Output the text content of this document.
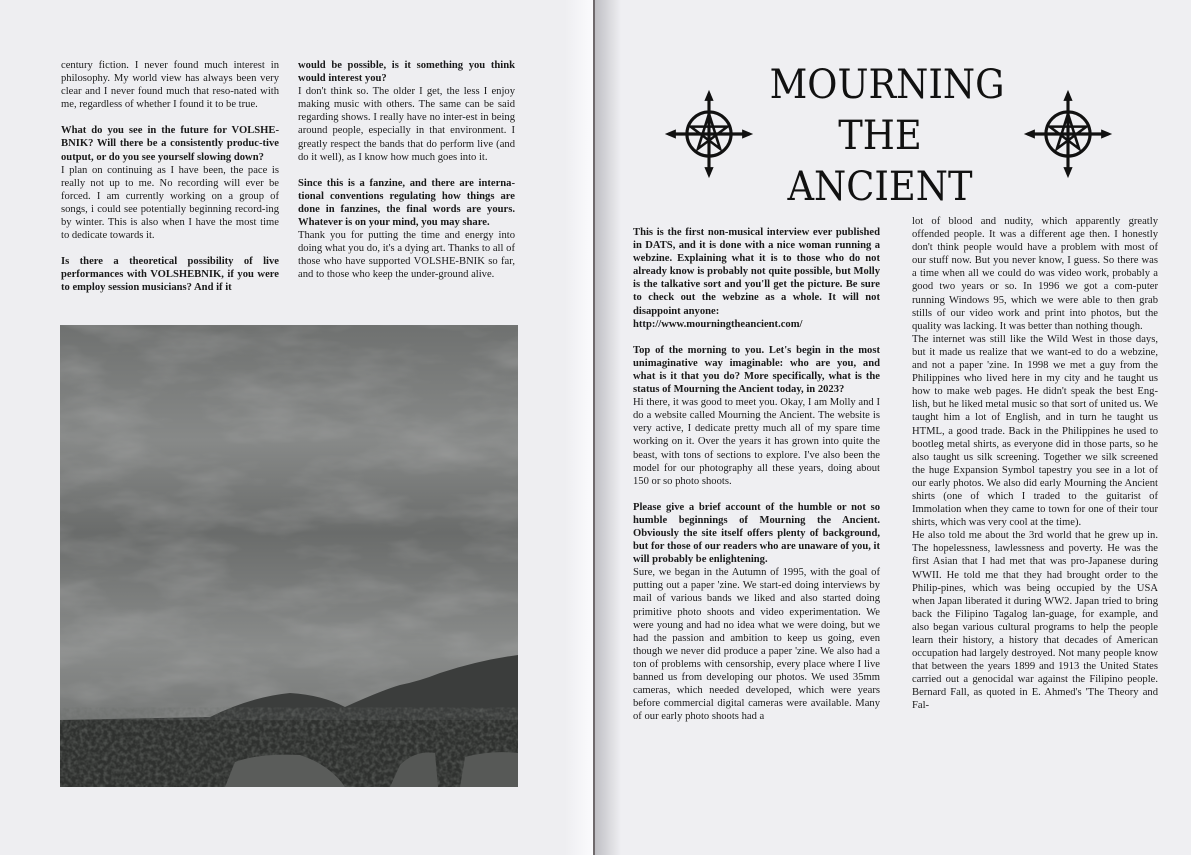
century fiction. I never found much interest in philosophy. My world view has always been very clear and I never found much that reso-nated with me, regardless of whether I found it to be true.

What do you see in the future for VOLSHE-BNIK? Will there be a consistently produc-tive output, or do you see yourself slowing down?

I plan on continuing as I have been, the pace is really not up to me. No recording will ever be forced. I am currently working on a group of songs, i could see potentially beginning record-ing by winter. This is also when I have the most time to dedicate towards it.

Is there a theoretical possibility of live performances with VOLSHEBNIK, if you were to employ session musicians? And if it

would be possible, is it something you think would interest you?

I don't think so. The older I get, the less I enjoy making music with others. The same can be said regarding shows. I really have no inter-est in being around people, especially in that environment. I greatly respect the bands that do perform live (and do it well), as I know how much goes into it.

Since this is a fanzine, and there are interna-tional conventions regulating how things are done in fanzines, the final words are yours. Whatever is on your mind, you may share.

Thank you for putting the time and energy into doing what you do, it's a dying art. Thanks to all of those who have supported VOLSHE-BNIK so far, and to those who keep the under-ground alive.

MOURNING
THE
ANCIENT

This is the first non-musical interview ever published in DATS, and it is done with a nice woman running a webzine. Explaining what it is to those who do not already know is probably not quite possible, but Molly is the talkative sort and you'll get the picture. Be sure to check out the webzine as a whole. It will not disappoint anyone:

http://www.mourningtheancient.com/

Top of the morning to you. Let's begin in the most unimaginative way imaginable: who are you, and what is it that you do? More specifically, what is the status of Mourning the Ancient today, in 2023?

Hi there, it was good to meet you. Okay, I am Molly and I do a website called Mourning the Ancient. The website is very active, I dedicate pretty much all of my spare time working on it. Over the years it has grown into quite the beast, with tons of sections to explore. I've also been the model for our photography all these years, doing about 150 or so photo shoots.

Please give a brief account of the humble or not so humble beginnings of Mourning the Ancient. Obviously the site itself offers plenty of background, but for those of our readers who are unaware of you, it will probably be enlightening.

Sure, we began in the Autumn of 1995, with the goal of putting out a paper 'zine. We start-ed doing interviews by mail of various bands we liked and also started doing primitive photo shoots and video experimentation. We were young and had no idea what we were doing, but we had the passion and ambition to keep us going, even though we never did produce a paper 'zine. We also had a ton of problems with censorship, every place where I live banned us from developing our photos. We used 35mm cameras, which needed developed, which were years before commercial digital cameras were available. Many of our early photo shoots had a

lot of blood and nudity, which apparently greatly offended people. It was a different age then. I honestly don't think people would have a problem with most of our stuff now. But you never know, I guess. So there was a time when all we could do was video work, probably a good two years or so. In 1996 we got a com-puter running Windows 95, which we were able to then grab stills of our video work and print into photos, but the quality was lacking. It was better than nothing though.

The internet was still like the Wild West in those days, but it made us realize that we want-ed to do a webzine, and not a paper 'zine. In 1998 we met a guy from the Philippines who lived here in my city and he taught us how to make web pages. He didn't speak the best Eng-lish, but he liked metal music so that sort of united us. We taught him a lot of English, and in turn he taught us HTML, a good trade. Back in the Philippines he used to bootleg metal shirts, as everyone did in those parts, so he also taught us silk screening. Together we silk screened the huge Expansion Symbol tapestry you see in a lot of our early photos. We also did early Mourning the Ancient shirts (one of which I traded to the guitarist of Immolation when they came to town for one of their tour shirts, which was very cool at the time).

He also told me about the 3rd world that he grew up in. The hopelessness, lawlessness and poverty. He was the first Asian that I had met that was pro-Japanese during WWII. He told me that they had brought order to the Philip-pines, which was being occupied by the USA when Japan liberated it during WW2. Japan tried to bring back the Filipino Tagalog lan-guage, for example, and also began various cultural programs to help the people learn their history, a history that decades of American occupation had largely destroyed. Not many people know that between the years 1899 and 1913 the United States carried out a genocidal war against the Filipino people. Bernard Fall, as quoted in E. Ahmed's 'The Theory and Fal-
